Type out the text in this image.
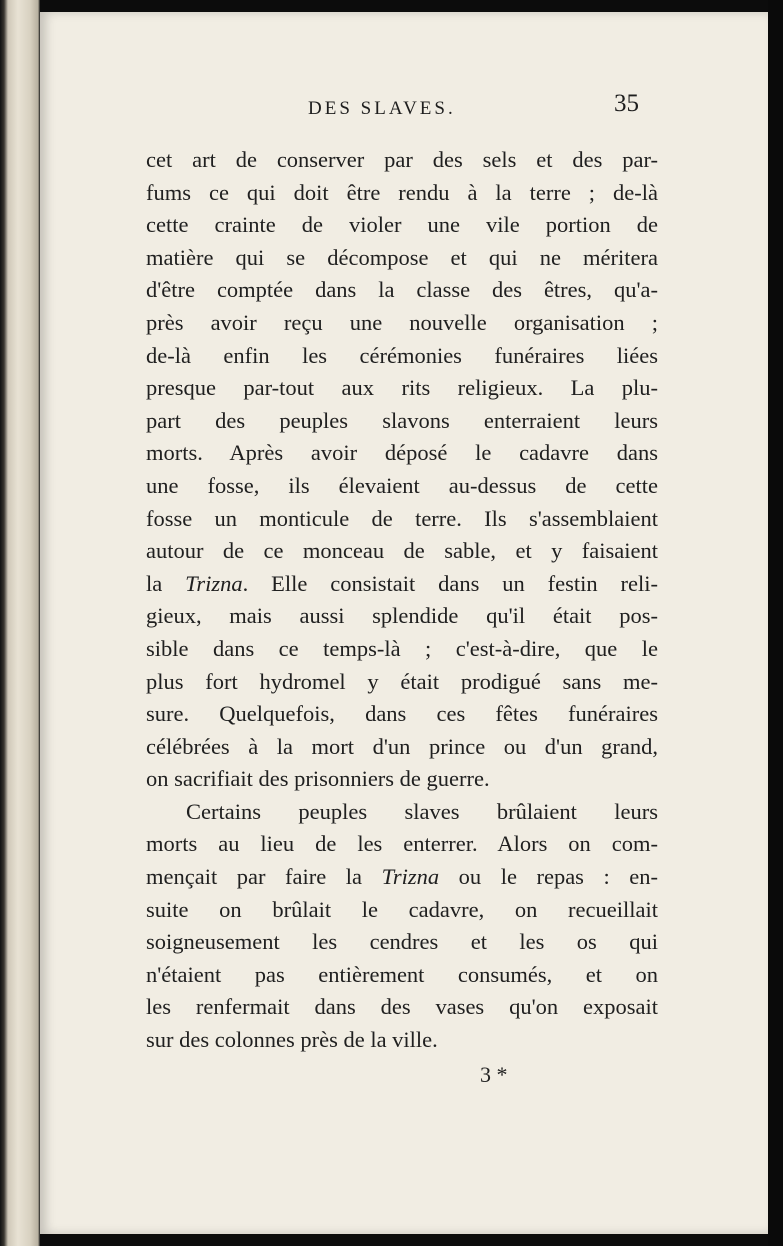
DES SLAVES.	35
cet art de conserver par des sels et des par-
fums ce qui doit être rendu à la terre ; de-là
cette crainte de violer une vile portion de
matière qui se décompose et qui ne méritera
d'être comptée dans la classe des êtres, qu'a-
près avoir reçu une nouvelle organisation ;
de-là enfin les cérémonies funéraires liées
presque par-tout aux rits religieux. La plu-
part des peuples slavons enterraient leurs
morts. Après avoir déposé le cadavre dans
une fosse, ils élevaient au-dessus de cette
fosse un monticule de terre. Ils s'assemblaient
autour de ce monceau de sable, et y faisaient
la Trizna. Elle consistait dans un festin reli-
gieux, mais aussi splendide qu'il était pos-
sible dans ce temps-là ; c'est-à-dire, que le
plus fort hydromel y était prodigué sans me-
sure. Quelquefois, dans ces fêtes funéraires
célébrées à la mort d'un prince ou d'un grand,
on sacrifiait des prisonniers de guerre.
Certains peuples slaves brûlaient leurs
morts au lieu de les enterrer. Alors on com-
mençait par faire la Trizna ou le repas : en-
suite on brûlait le cadavre, on recueillait
soigneusement les cendres et les os qui
n'étaient pas entièrement consumés, et on
les renfermait dans des vases qu'on exposait
sur des colonnes près de la ville.
3 *
